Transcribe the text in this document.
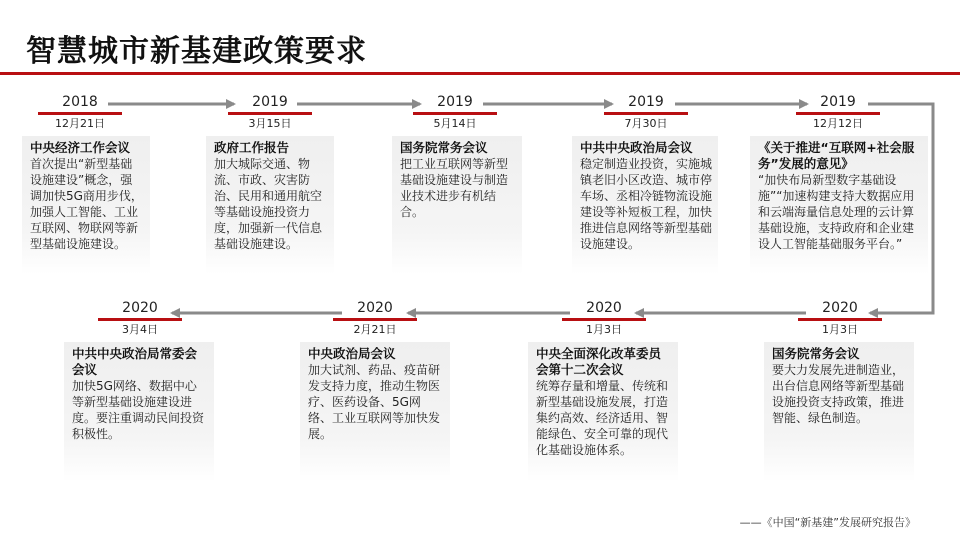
智慧城市新基建政策要求
2018
12月21日
2019
3月15日
2019
5月14日
2019
7月30日
2019
12月12日
中央经济工作会议
首次提出“新型基础设施建设”概念，强调加快5G商用步伐，加强人工智能、工业互联网、物联网等新型基础设施建设。
政府工作报告
加大城际交通、物流、市政、灾害防治、民用和通用航空等基础设施投资力度，加强新一代信息基础设施建设。
国务院常务会议
把工业互联网等新型基础设施建设与制造业技术进步有机结合。
中共中央政治局会议
稳定制造业投资，实施城镇老旧小区改造、城市停车场、丞相冷链物流设施建设等补短板工程，加快推进信息网络等新型基础设施建设。
《关于推进“互联网+社会服务”发展的意见》
“加快布局新型数字基础设施”“加速构建支持大数据应用和云端海量信息处理的云计算基础设施，支持政府和企业建设人工智能基础服务平台。”
2020
3月4日
2020
2月21日
2020
1月3日
2020
1月3日
中共中央政治局常委会会议
加快5G网络、数据中心等新型基础设施建设进度。要注重调动民间投资积极性。
中央政治局会议
加大试剂、药品、疫苗研发支持力度，推动生物医疗、医药设备、5G网络、工业互联网等加快发展。
中央全面深化改革委员会第十二次会议
统筹存量和增量、传统和新型基础设施发展，打造集约高效、经济适用、智能绿色、安全可靠的现代化基础设施体系。
国务院常务会议
要大力发展先进制造业，出台信息网络等新型基础设施投资支持政策，推进智能、绿色制造。
——《中国“新基建”发展研究报告》
